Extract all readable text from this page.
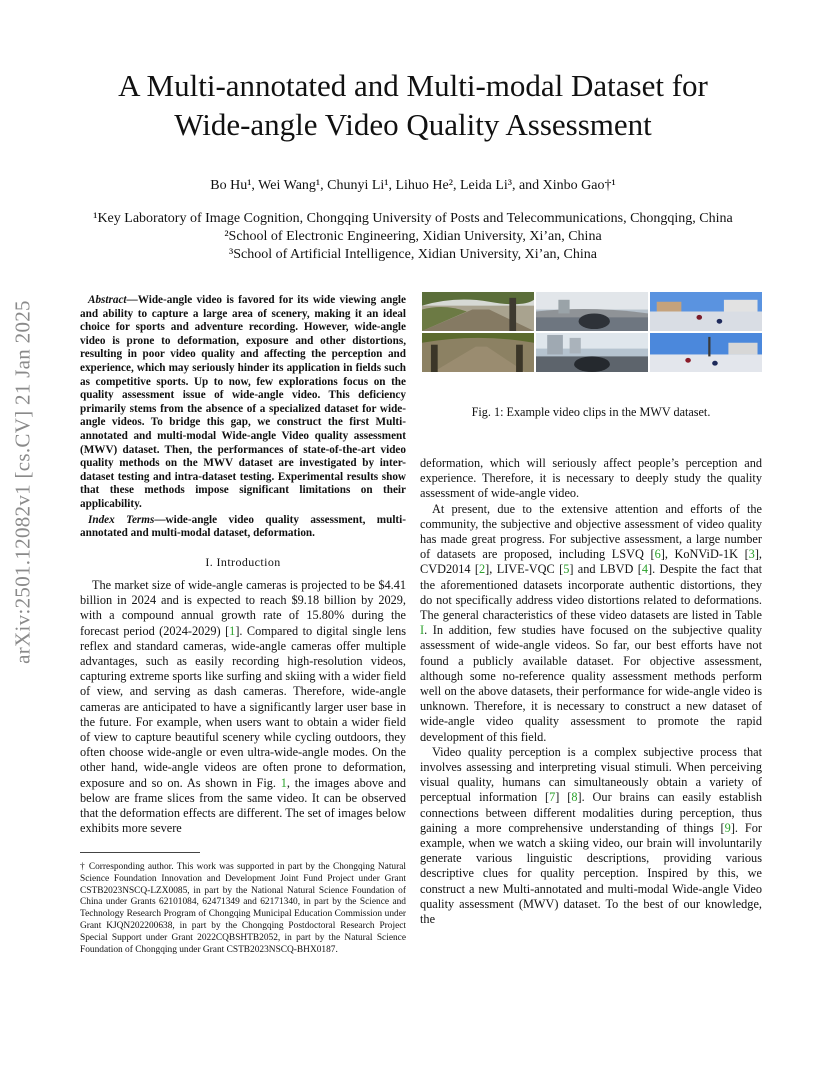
arXiv:2501.12082v1 [cs.CV] 21 Jan 2025
A Multi-annotated and Multi-modal Dataset for
Wide-angle Video Quality Assessment
Bo Hu¹, Wei Wang¹, Chunyi Li¹, Lihuo He², Leida Li³, and Xinbo Gao†¹
¹Key Laboratory of Image Cognition, Chongqing University of Posts and Telecommunications, Chongqing, China
²School of Electronic Engineering, Xidian University, Xi’an, China
³School of Artificial Intelligence, Xidian University, Xi’an, China

Abstract—Wide-angle video is favored for its wide viewing angle and ability to capture a large area of scenery, making it an ideal choice for sports and adventure recording. However, wide-angle video is prone to deformation, exposure and other distortions, resulting in poor video quality and affecting the perception and experience, which may seriously hinder its application in fields such as competitive sports. Up to now, few explorations focus on the quality assessment issue of wide-angle video. This deficiency primarily stems from the absence of a specialized dataset for wide-angle videos. To bridge this gap, we construct the first Multi-annotated and multi-modal Wide-angle Video quality assessment (MWV) dataset. Then, the performances of state-of-the-art video quality methods on the MWV dataset are investigated by inter-dataset testing and intra-dataset testing. Experimental results show that these methods impose significant limitations on their applicability.

Index Terms—wide-angle video quality assessment, multi-annotated and multi-modal dataset, deformation.

I. Introduction

The market size of wide-angle cameras is projected to be $4.41 billion in 2024 and is expected to reach $9.18 billion by 2029, with a compound annual growth rate of 15.80% during the forecast period (2024-2029) [1]. Compared to digital single lens reflex and standard cameras, wide-angle cameras offer multiple advantages, such as easily recording high-resolution videos, capturing extreme sports like surfing and skiing with a wider field of view, and serving as dash cameras. Therefore, wide-angle cameras are anticipated to have a significantly larger user base in the future. For example, when users want to obtain a wider field of view to capture beautiful scenery while cycling outdoors, they often choose wide-angle or even ultra-wide-angle modes. On the other hand, wide-angle videos are often prone to deformation, exposure and so on. As shown in Fig. 1, the images above and below are frame slices from the same video. It can be observed that the deformation effects are different. The set of images below exhibits more severe

† Corresponding author. This work was supported in part by the Chongqing Natural Science Foundation Innovation and Development Joint Fund Project under Grant CSTB2023NSCQ-LZX0085, in part by the National Natural Science Foundation of China under Grants 62101084, 62471349 and 62171340, in part by the Science and Technology Research Program of Chongqing Municipal Education Commission under Grant KJQN202200638, in part by the Chongqing Postdoctoral Research Project Special Support under Grant 2022CQBSHTB2052, in part by the Natural Science Foundation of Chongqing under Grant CSTB2023NSCQ-BHX0187.
Fig. 1: Example video clips in the MWV dataset.

deformation, which will seriously affect people’s perception and experience. Therefore, it is necessary to deeply study the quality assessment of wide-angle video.

At present, due to the extensive attention and efforts of the community, the subjective and objective assessment of video quality has made great progress. For subjective assessment, a large number of datasets are proposed, including LSVQ [6], KoNViD-1K [3], CVD2014 [2], LIVE-VQC [5] and LBVD [4]. Despite the fact that the aforementioned datasets incorporate authentic distortions, they do not specifically address video distortions related to deformations. The general characteristics of these video datasets are listed in Table I. In addition, few studies have focused on the subjective quality assessment of wide-angle videos. So far, our best efforts have not found a publicly available dataset. For objective assessment, although some no-reference quality assessment methods perform well on the above datasets, their performance for wide-angle video is unknown. Therefore, it is necessary to construct a new dataset of wide-angle video quality assessment to promote the rapid development of this field.

Video quality perception is a complex subjective process that involves assessing and interpreting visual stimuli. When perceiving visual quality, humans can simultaneously obtain a variety of perceptual information [7] [8]. Our brains can easily establish connections between different modalities during perception, thus gaining a more comprehensive understanding of things [9]. For example, when we watch a skiing video, our brain will involuntarily generate various linguistic descriptions, providing various descriptive clues for quality perception. Inspired by this, we construct a new Multi-annotated and multi-modal Wide-angle Video quality assessment (MWV) dataset. To the best of our knowledge, the
